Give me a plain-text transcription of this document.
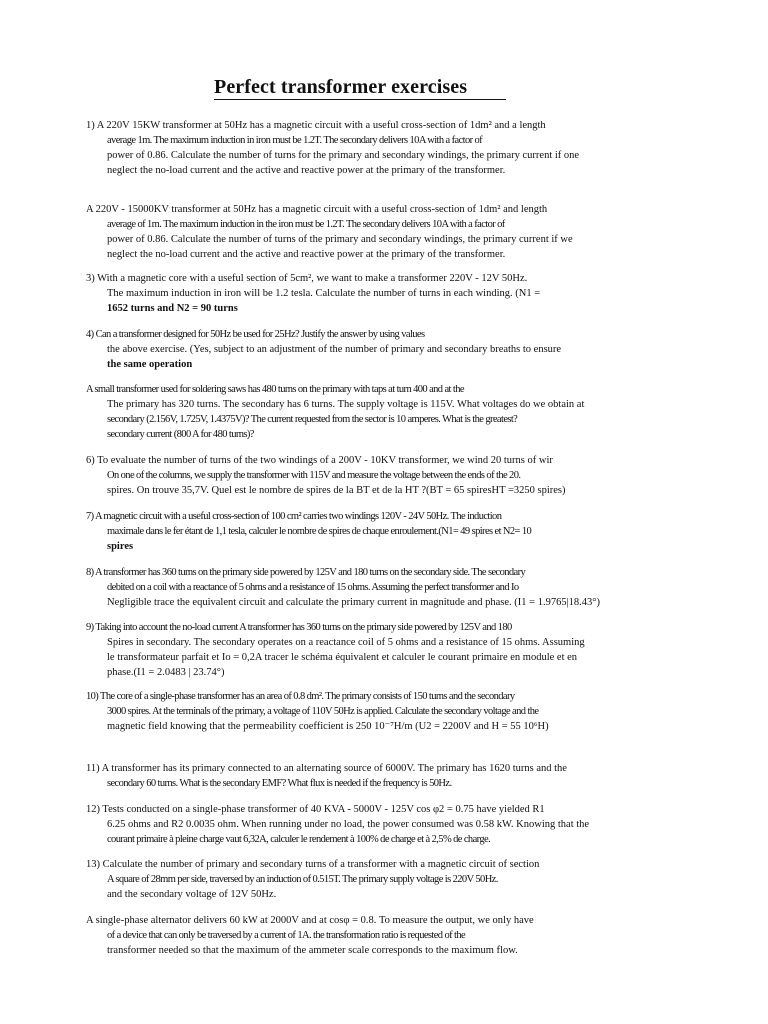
Perfect transformer exercises
1) A 220V 15KW transformer at 50Hz has a magnetic circuit with a useful cross-section of 1dm² and a length
average 1m. The maximum induction in iron must be 1.2T. The secondary delivers 10A with a factor of
power of 0.86. Calculate the number of turns for the primary and secondary windings, the primary current if one
neglect the no-load current and the active and reactive power at the primary of the transformer.
A 220V - 15000KV transformer at 50Hz has a magnetic circuit with a useful cross-section of 1dm² and length
average of 1m. The maximum induction in the iron must be 1.2T. The secondary delivers 10A with a factor of
power of 0.86. Calculate the number of turns of the primary and secondary windings, the primary current if we
neglect the no-load current and the active and reactive power at the primary of the transformer.
3) With a magnetic core with a useful section of 5cm², we want to make a transformer 220V - 12V 50Hz.
The maximum induction in iron will be 1.2 tesla. Calculate the number of turns in each winding. (N1 =
1652 turns and N2 = 90 turns
4) Can a transformer designed for 50Hz be used for 25Hz? Justify the answer by using values
the above exercise. (Yes, subject to an adjustment of the number of primary and secondary breaths to ensure
the same operation
A small transformer used for soldering saws has 480 turns on the primary with taps at turn 400 and at the
The primary has 320 turns. The secondary has 6 turns. The supply voltage is 115V. What voltages do we obtain at
secondary (2.156V, 1.725V, 1.4375V)? The current requested from the sector is 10 amperes. What is the greatest?
secondary current (800 A for 480 turns)?
6) To evaluate the number of turns of the two windings of a 200V - 10KV transformer, we wind 20 turns of wir
On one of the columns, we supply the transformer with 115V and measure the voltage between the ends of the 20.
spires. On trouve 35,7V. Quel est le nombre de spires de la BT et de la HT ?(BT = 65 spiresHT =3250 spires)
7) A magnetic circuit with a useful cross-section of 100 cm² carries two windings 120V - 24V 50Hz. The induction
maximale dans le fer étant de 1,1 tesla, calculer le nombre de spires de chaque enroulement.(N1= 49 spires et N2= 10
spires
8) A transformer has 360 turns on the primary side powered by 125V and 180 turns on the secondary side. The secondary
debited on a coil with a reactance of 5 ohms and a resistance of 15 ohms. Assuming the perfect transformer and Io
Negligible trace the equivalent circuit and calculate the primary current in magnitude and phase. (I1 = 1.9765|18.43°)
9) Taking into account the no-load current A transformer has 360 turns on the primary side powered by 125V and 180
Spires in secondary. The secondary operates on a reactance coil of 5 ohms and a resistance of 15 ohms. Assuming
le transformateur parfait et Io = 0,2A tracer le schéma équivalent et calculer le courant primaire en module et en
phase.(I1 = 2.0483 | 23.74°)
10) The core of a single-phase transformer has an area of 0.8 dm². The primary consists of 150 turns and the secondary
3000 spires. At the terminals of the primary, a voltage of 110V 50Hz is applied. Calculate the secondary voltage and the
magnetic field knowing that the permeability coefficient is 250 10⁻⁷H/m (U2 = 2200V and H = 55 10⁶H)
11) A transformer has its primary connected to an alternating source of 6000V. The primary has 1620 turns and the
secondary 60 turns. What is the secondary EMF? What flux is needed if the frequency is 50Hz.
12) Tests conducted on a single-phase transformer of 40 KVA - 5000V - 125V cos φ2 = 0.75 have yielded R1
6.25 ohms and R2 0.0035 ohm. When running under no load, the power consumed was 0.58 kW. Knowing that the
courant primaire à pleine charge vaut 6,32A, calculer le rendement à 100% de charge et à 2,5% de charge.
13) Calculate the number of primary and secondary turns of a transformer with a magnetic circuit of section
A square of 28mm per side, traversed by an induction of 0.515T. The primary supply voltage is 220V 50Hz.
and the secondary voltage of 12V 50Hz.
A single-phase alternator delivers 60 kW at 2000V and at cosφ = 0.8. To measure the output, we only have
of a device that can only be traversed by a current of 1A. the transformation ratio is requested of the
transformer needed so that the maximum of the ammeter scale corresponds to the maximum flow.
